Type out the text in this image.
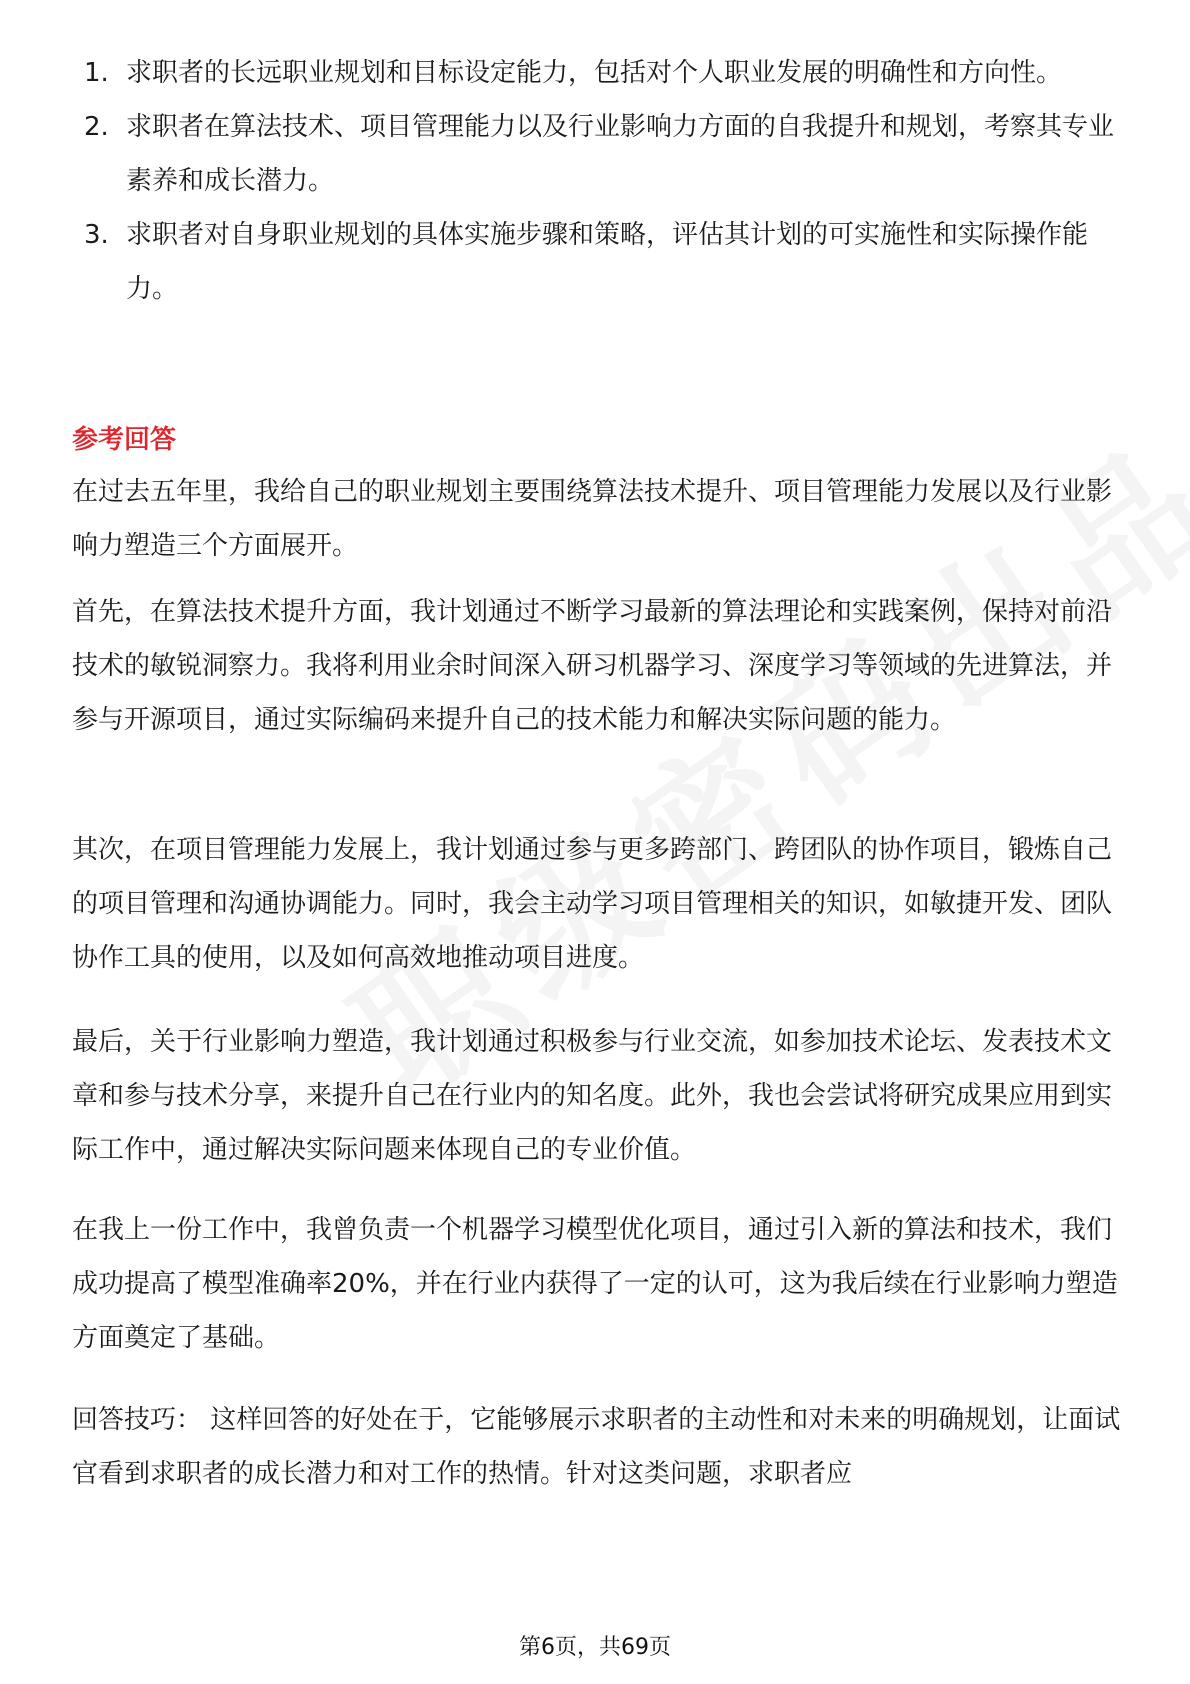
1. 求职者的长远职业规划和目标设定能力，包括对个人职业发展的明确性和方向性。
2. 求职者在算法技术、项目管理能力以及行业影响力方面的自我提升和规划，考察其专业素养和成长潜力。
3. 求职者对自身职业规划的具体实施步骤和策略，评估其计划的可实施性和实际操作能力。
参考回答

在过去五年里，我给自己的职业规划主要围绕算法技术提升、项目管理能力发展以及行业影响力塑造三个方面展开。

首先，在算法技术提升方面，我计划通过不断学习最新的算法理论和实践案例，保持对前沿技术的敏锐洞察力。我将利用业余时间深入研习机器学习、深度学习等领域的先进算法，并参与开源项目，通过实际编码来提升自己的技术能力和解决实际问题的能力。

其次，在项目管理能力发展上，我计划通过参与更多跨部门、跨团队的协作项目，锻炼自己的项目管理和沟通协调能力。同时，我会主动学习项目管理相关的知识，如敏捷开发、团队协作工具的使用，以及如何高效地推动项目进度。

最后，关于行业影响力塑造，我计划通过积极参与行业交流，如参加技术论坛、发表技术文章和参与技术分享，来提升自己在行业内的知名度。此外，我也会尝试将研究成果应用到实际工作中，通过解决实际问题来体现自己的专业价值。

在我上一份工作中，我曾负责一个机器学习模型优化项目，通过引入新的算法和技术，我们成功提高了模型准确率20%，并在行业内获得了一定的认可，这为我后续在行业影响力塑造方面奠定了基础。

回答技巧： 这样回答的好处在于，它能够展示求职者的主动性和对未来的明确规划，让面试官看到求职者的成长潜力和对工作的热情。针对这类问题，求职者应

第6页，共69页
